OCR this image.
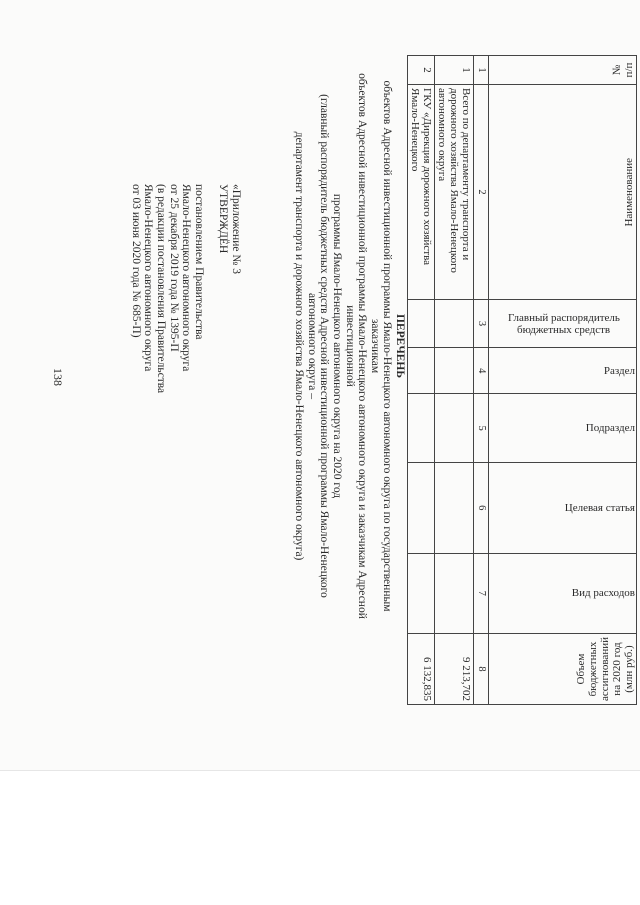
138
«Приложение № 3
УТВЕРЖДЁН
постановлением Правительства
Ямало-Ненецкого автономного округа
от 25 декабря 2019 года № 1395-П
(в редакции постановления Правительства
Ямало-Ненецкого автономного округа
от 03 июня 2020 года № 685-П)
ПЕРЕЧЕНЬ
объектов Адресной инвестиционной программы Ямало-Ненецкого автономного округа по государственным заказчикам
объектов Адресной инвестиционной программы Ямало-Ненецкого автономного округа и заказчикам Адресной инвестиционной
программы Ямало-Ненецкого автономного округа на 2020 год
(главный распорядитель бюджетных средств Адресной инвестиционной программы Ямало-Ненецкого автономного округа –
департамент транспорта и дорожного хозяйства Ямало-Ненецкого автономного округа)
№ п/п	Наименование	Главный распорядитель бюджетных средств	Раздел	Подраздел	Целевая статья	Вид расходов	Объем бюджетных ассигнований на 2020 год (млн руб.)
1	2	3	4	5	6	7	8
1	Всего по департаменту транспорта и дорожного хозяйства Ямало-Ненецкого автономного округа						9 213,702
2	ГКУ «Дирекция дорожного хозяйства Ямало-Ненецкого						6 132,835
